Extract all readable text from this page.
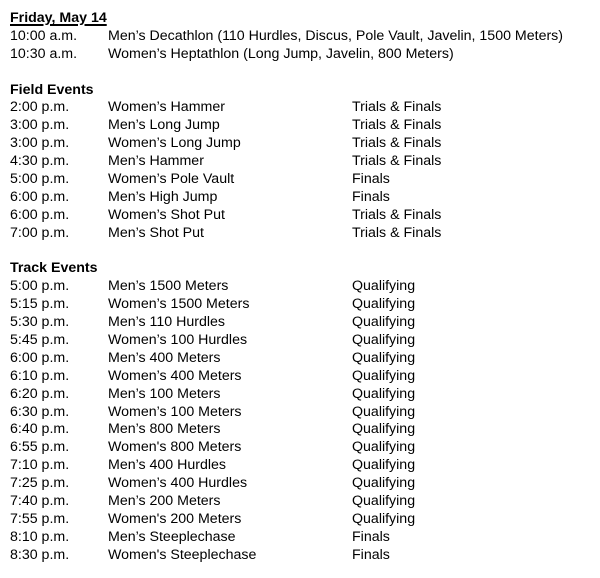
Friday, May 14
10:00 a.m.	Men’s Decathlon (110 Hurdles, Discus, Pole Vault, Javelin, 1500 Meters)
10:30 a.m.	Women’s Heptathlon (Long Jump, Javelin, 800 Meters)
Field Events
2:00 p.m.	Women’s Hammer	Trials & Finals
3:00 p.m.	Men’s Long Jump	Trials & Finals
3:00 p.m.	Women’s Long Jump	Trials & Finals
4:30 p.m.	Men’s Hammer	Trials & Finals
5:00 p.m.	Women’s Pole Vault	Finals
6:00 p.m.	Men’s High Jump	Finals
6:00 p.m.	Women’s Shot Put	Trials & Finals
7:00 p.m.	Men’s Shot Put	Trials & Finals
Track Events
5:00 p.m.	Men’s 1500 Meters	Qualifying
5:15 p.m.	Women’s 1500 Meters	Qualifying
5:30 p.m.	Men’s 110 Hurdles	Qualifying
5:45 p.m.	Women’s 100 Hurdles	Qualifying
6:00 p.m.	Men’s 400 Meters	Qualifying
6:10 p.m.	Women’s 400 Meters	Qualifying
6:20 p.m.	Men’s 100 Meters	Qualifying
6:30 p.m.	Women’s 100 Meters	Qualifying
6:40 p.m.	Men’s 800 Meters	Qualifying
6:55 p.m.	Women's 800 Meters	Qualifying
7:10 p.m.	Men’s 400 Hurdles	Qualifying
7:25 p.m.	Women’s 400 Hurdles	Qualifying
7:40 p.m.	Men’s 200 Meters	Qualifying
7:55 p.m.	Women's 200 Meters	Qualifying
8:10 p.m.	Men’s Steeplechase	Finals
8:30 p.m.	Women's Steeplechase	Finals
